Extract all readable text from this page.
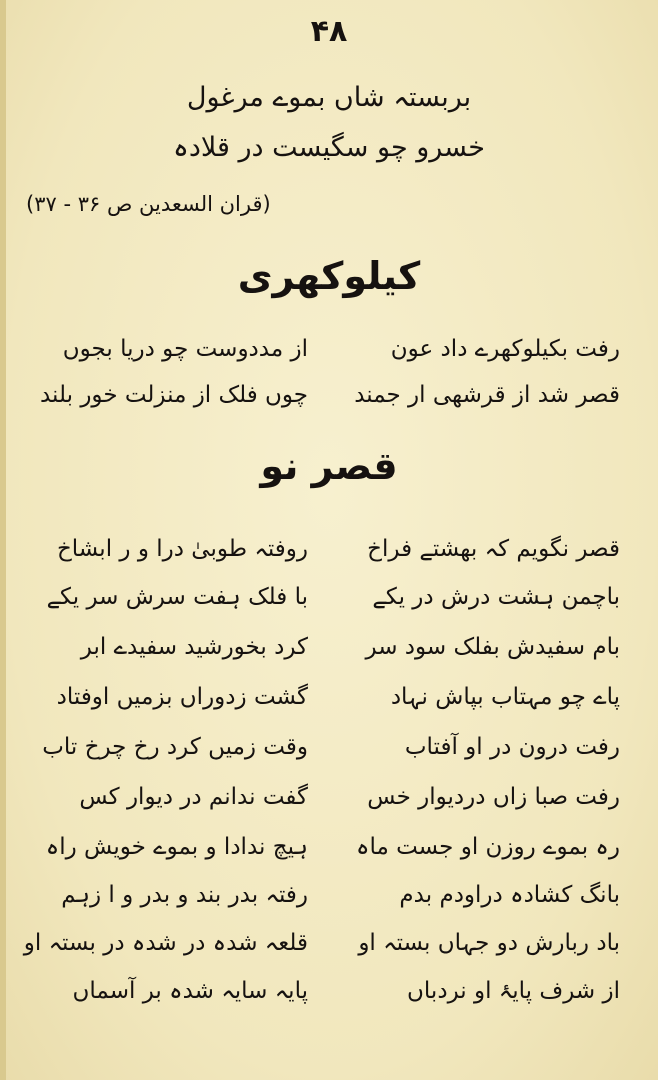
۴۸
بربستہ شاں بموے مرغول
خسرو چو سگیست در قلادہ
(قران السعدین ص ۳۶ - ۳۷)
کیلوکھری
رفت بکیلوکھرے داد عون
از مددوست چو دریا بجوں
قصر شد از قرشھی ار جمند
چوں فلک از منزلت خور بلند
قصر نو
قصر نگویم کہ بھشتے فراخ
روفتہ طوبیٰ درا و ر ابشاخ
باچمن ہشت درش در یکے
با فلک ہفت سرش سر یکے
بام سفیدش بفلک سود سر
کرد بخورشید سفیدے ابر
پاے چو مہتاب بپاش نہاد
گشت زدوراں بزمیں اوفتاد
رفت درون در او آفتاب
وقت زمیں کرد رخ چرخ تاب
رفت صبا زاں دردیوار خس
گفت ندانم در دیوار کس
رہ بموے روزن او جست ماہ
ہیچ ندادا و بموے خویش راہ
بانگ کشادہ دراودم بدم
رفتہ بدر بند و بدر و ا زہم
باد ربارش دو جہاں بستہ او
قلعہ شدہ در شدہ در بستہ او
از شرف پایۂ او نردباں
پایہ سایہ شدہ بر آسماں
